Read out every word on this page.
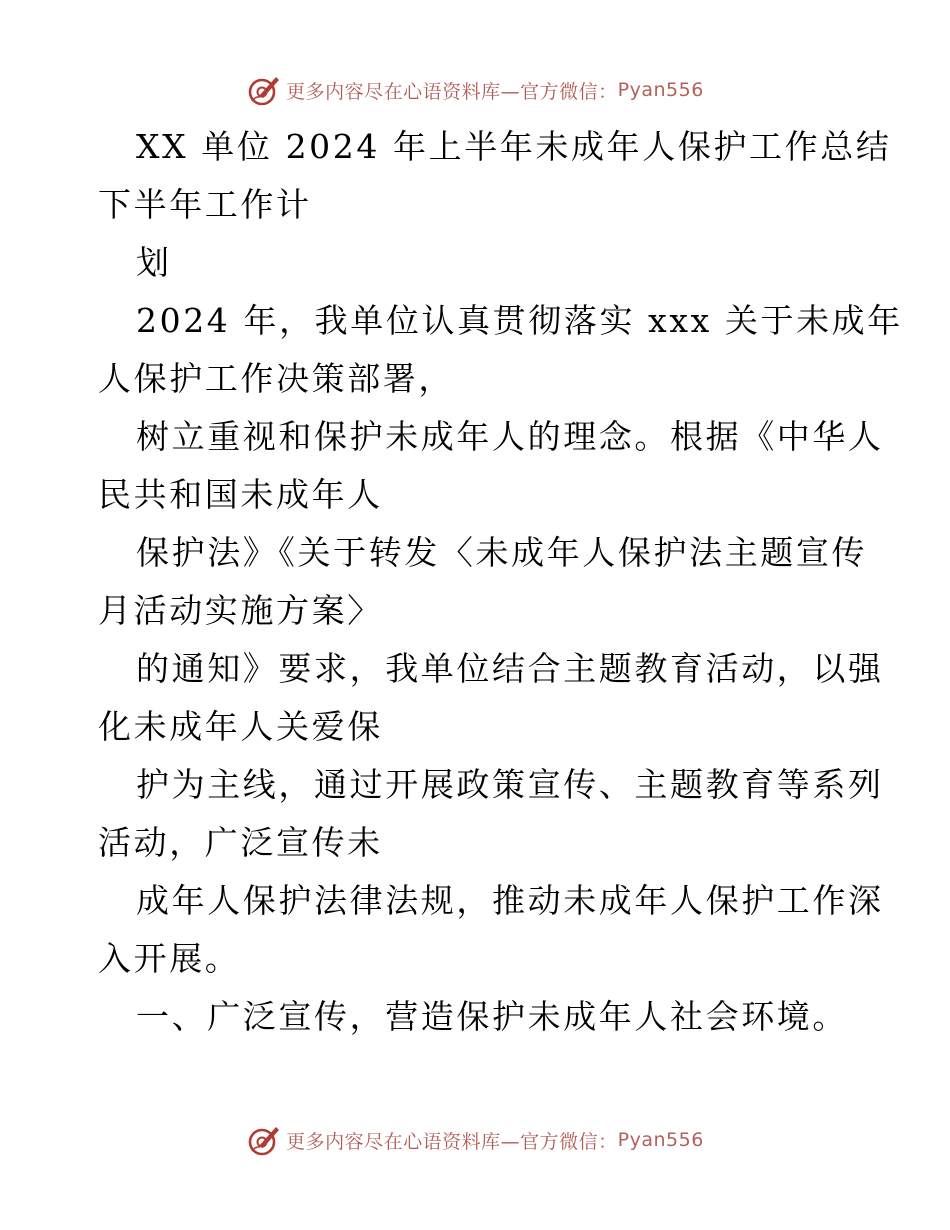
更多内容尽在心语资料库—官方微信： Pyan556
XX 单位 2024 年上半年未成年人保护工作总结
下半年工作计
划
2024 年，我单位认真贯彻落实 xxx 关于未成年
人保护工作决策部署，
树立重视和保护未成年人的理念。根据《中华人
民共和国未成年人
保护法》《关于转发〈未成年人保护法主题宣传
月活动实施方案〉
的通知》要求，我单位结合主题教育活动，以强
化未成年人关爱保
护为主线，通过开展政策宣传、主题教育等系列
活动，广泛宣传未
成年人保护法律法规，推动未成年人保护工作深
入开展。
一、广泛宣传，营造保护未成年人社会环境。
更多内容尽在心语资料库—官方微信： Pyan556
